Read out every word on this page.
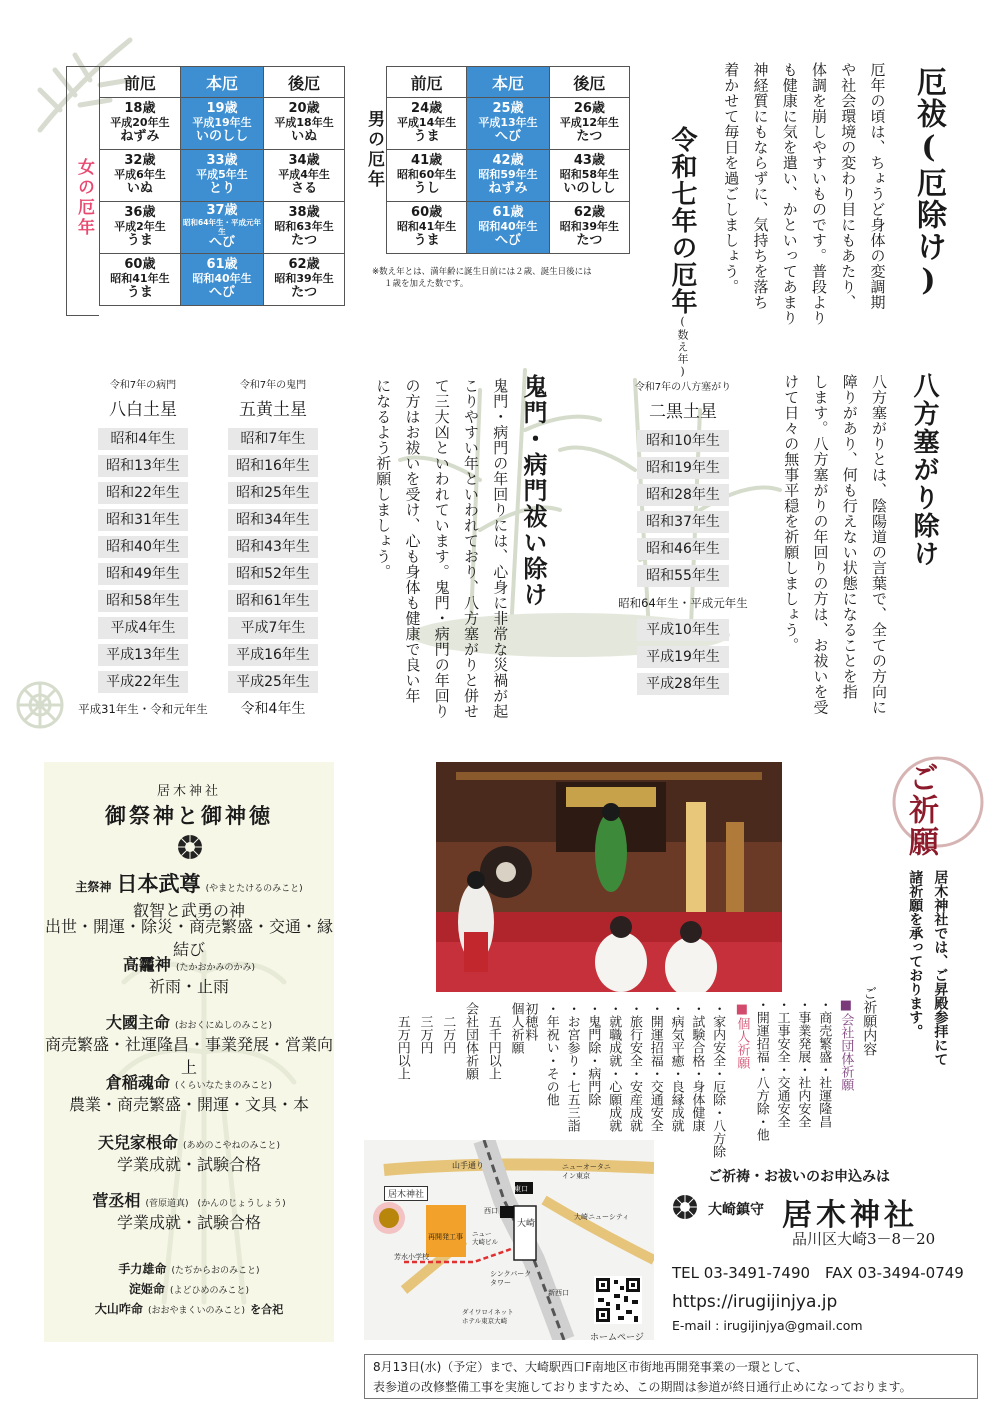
厄祓(厄除け)
厄年の頃は、ちょうど身体の変調期
や社会環境の変わり目にもあたり、
体調を崩しやすいものです。普段より
も健康に気を遣い、かといってあまり
神経質にもならずに、気持ちを落ち
着かせて毎日を過ごしましょう。

令和七年の厄年(数え年)

男の厄年
前厄	本厄	後厄

24歳
平成14年生
うま	25歳
平成13年生
へび	26歳
平成12年生
たつ

41歳
昭和60年生
うし	42歳
昭和59年生
ねずみ	43歳
昭和58年生
いのしし

60歳
昭和41年生
うま	61歳
昭和40年生
へび	62歳
昭和39年生
たつ
※数え年とは、満年齢に誕生日前には２歳、誕生日後には
１歳を加えた数です。
女の厄年
前厄	本厄	後厄

18歳
平成20年生
ねずみ	19歳
平成19年生
いのしし	20歳
平成18年生
いぬ

32歳
平成6年生
いぬ	33歳
平成5年生
とり	34歳
平成4年生
さる

36歳
平成2年生
うま	37歳
昭和64年生・平成元年生
へび	38歳
昭和63年生
たつ

60歳
昭和41年生
うま	61歳
昭和40年生
へび	62歳
昭和39年生
たつ
八方塞がり除け
八方塞がりとは、陰陽道の言葉で、全ての方向に
障りがあり、何も行えない状態になることを指
します。八方塞がりの年回りの方は、お祓いを受
けて日々の無事平穏を祈願しましょう。
令和7年の八方塞がり
二黒土星
昭和10年生
昭和19年生
昭和28年生
昭和37年生
昭和46年生
昭和55年生
昭和64年生・平成元年生
平成10年生
平成19年生
平成28年生
鬼門・病門祓い除け
鬼門・病門の年回りには、心身に非常な災禍が起
こりやすい年といわれており、八方塞がりと併せ
て三大凶といわれています。鬼門・病門の年回り
の方はお祓いを受け、心も身体も健康で良い年
になるよう祈願しましょう。
令和7年の病門
八白土星
昭和4年生
昭和13年生
昭和22年生
昭和31年生
昭和40年生
昭和49年生
昭和58年生
平成4年生
平成13年生
平成22年生
平成31年生・令和元年生
令和7年の鬼門
五黄土星
昭和7年生
昭和16年生
昭和25年生
昭和34年生
昭和43年生
昭和52年生
昭和61年生
平成7年生
平成16年生
平成25年生
令和4年生
居木神社
御祭神と御神徳
主祭神 日本武尊 (やまとたけるのみこと)
叡智と武勇の神
出世・開運・除災・商売繁盛・交通・縁結び
高龗神 (たかおかみのかみ)
祈雨・止雨
大國主命 (おおくにぬしのみこと)
商売繁盛・社運隆昌・事業発展・営業向上
倉稲魂命 (くらいなたまのみこと)
農業・商売繁盛・開運・文具・本
天兒家根命 (あめのこやねのみこと)
学業成就・試験合格
菅丞相 (菅原道真)　(かんのじょうしょう)
学業成就・試験合格
手力雄命 (たぢからおのみこと)
淀姫命 (よどひめのみこと)
大山咋命 (おおやまくいのみこと) を合祀
ご祈願
居木神社では、ご昇殿参拝にて
諸祈願を承っております。
ご祈願内容
■会社団体祈願
・商売繁盛・社運隆昌
・事業発展・社内安全
・工事安全・交通安全
・開運招福・八方除・他
■個人祈願
・家内安全・厄除・八方除
・試験合格・身体健康
・病気平癒・良縁成就
・開運招福・交通安全
・旅行安全・安産成就
・就職成就・心願成就
・鬼門除・病門除
・お宮参り・七五三詣
・年祝い・その他
初穂料
個人祈願
　五千円以上
会社団体祈願
　二万円
　三万円
　五万円以上
居木神社
山手通り	ニューオータニ
イン東京
東口
西口
大崎
大崎ニューシティ
再開発工事 ニュー
大崎ビル
芳水小学校
シンクパーク
タワー
新西口
ダイワロイネット
ホテル東京大崎
ホームページ
ご祈祷・お祓いのお申込みは
大崎鎮守 居木神社
品川区大崎3－8－20
TEL 03-3491-7490　FAX 03-3494-0749
https://irugijinjya.jp
E-mail : irugijinjya@gmail.com
8月13日(水)（予定）まで、大崎駅西口F南地区市街地再開発事業の一環として、
表参道の改修整備工事を実施しておりますため、この期間は参道が終日通行止めになっております。
